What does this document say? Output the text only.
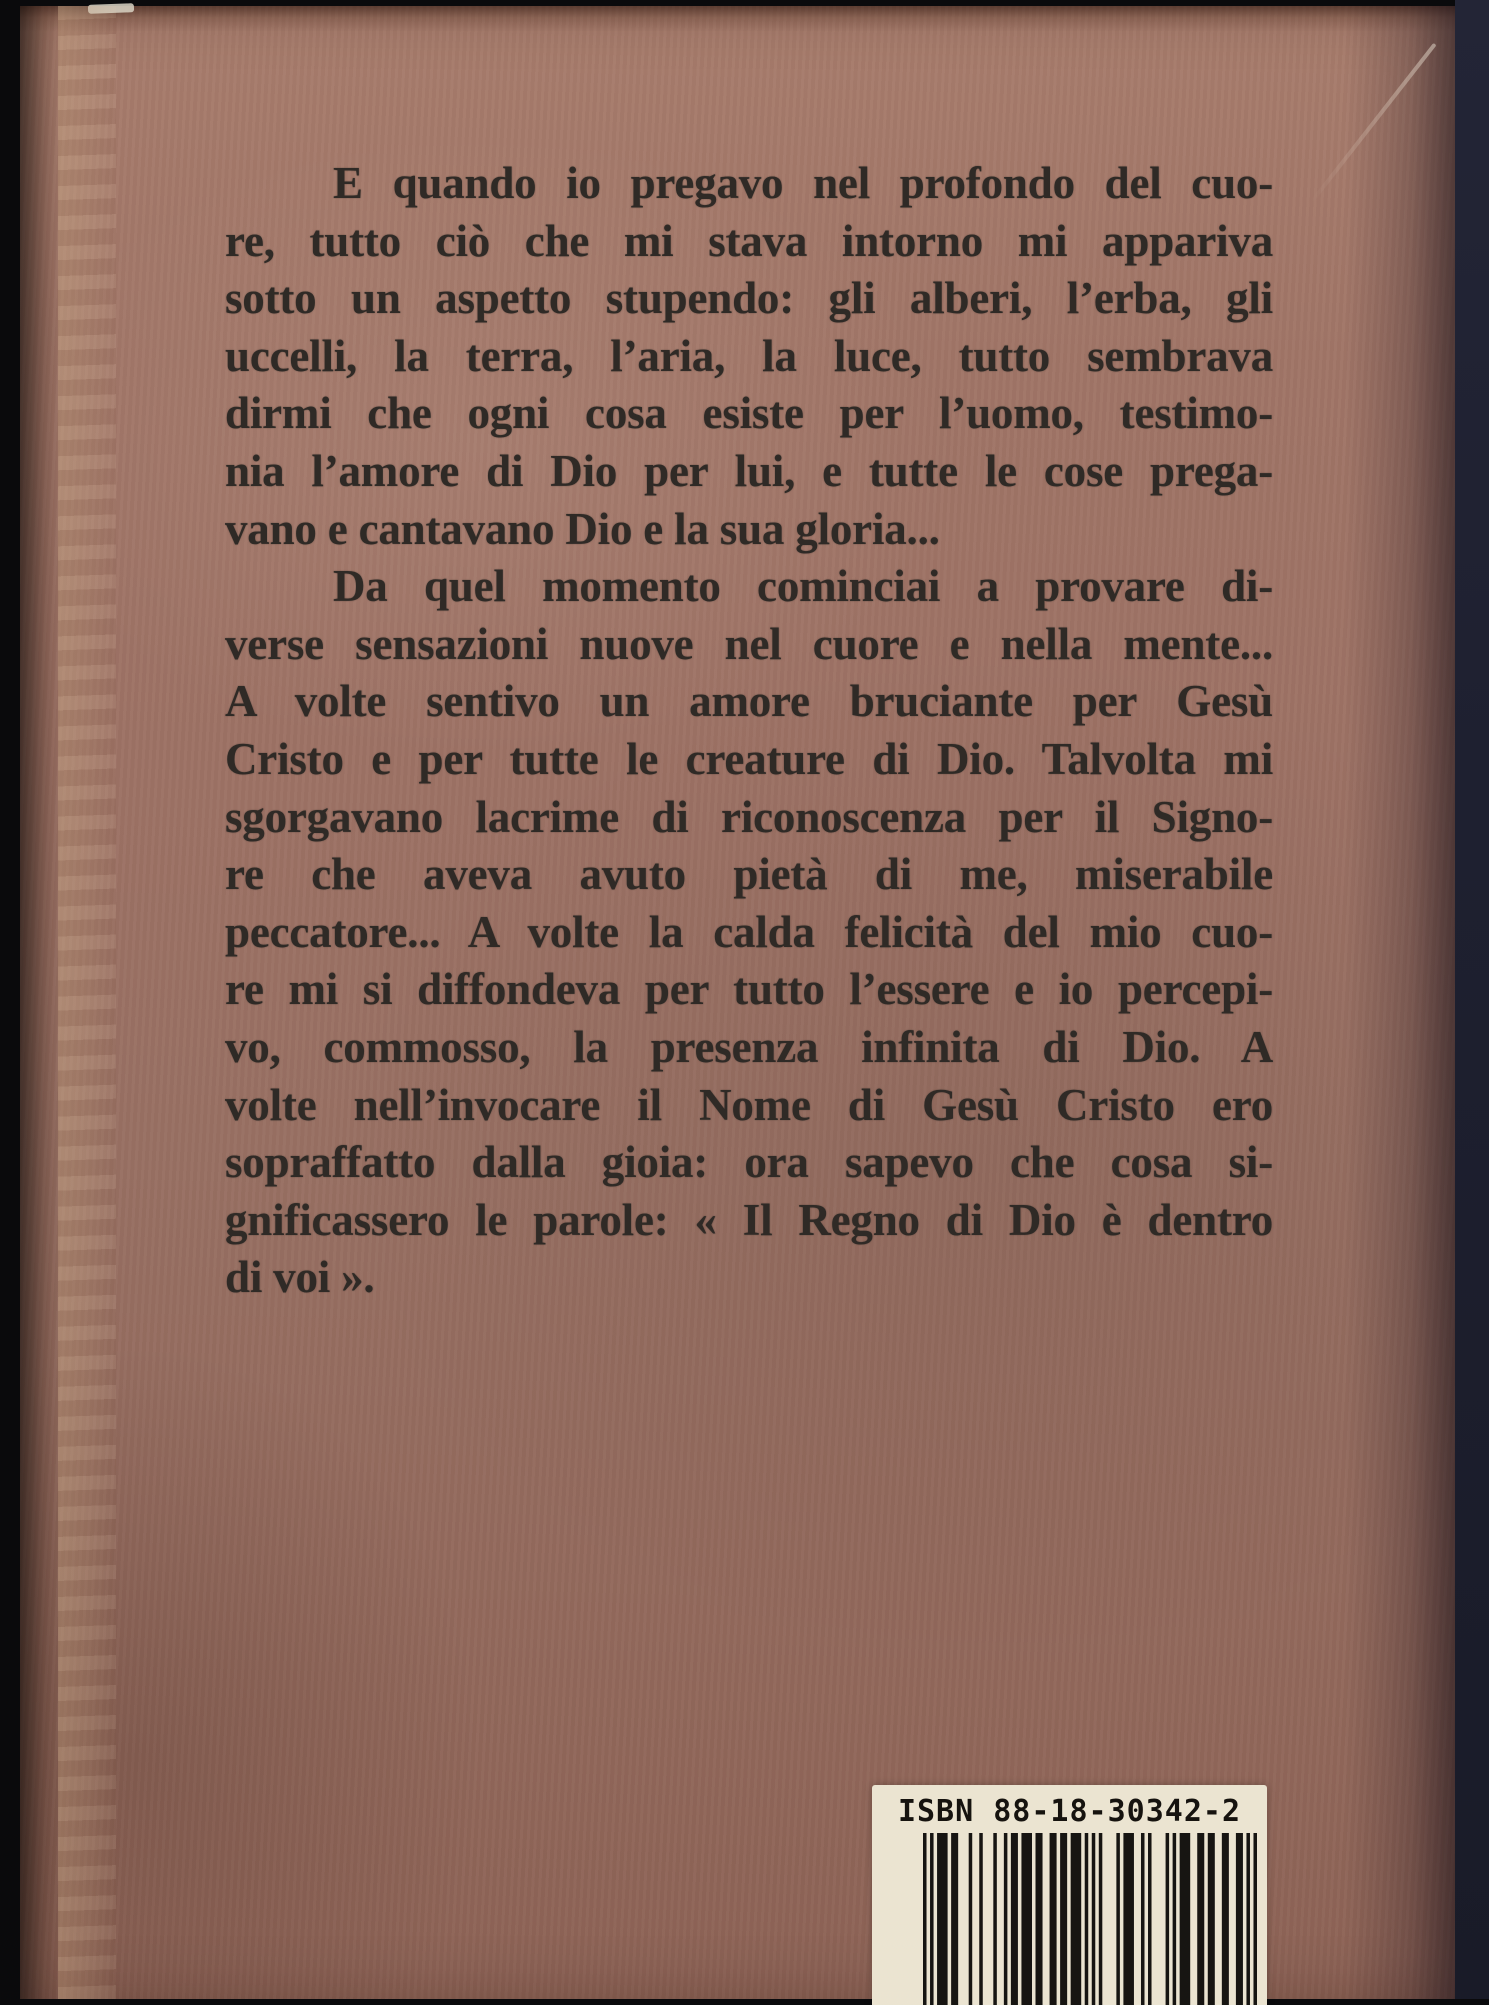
E quando io pregavo nel profondo del cuo-
re, tutto ciò che mi stava intorno mi appariva
sotto un aspetto stupendo: gli alberi, l’erba, gli
uccelli, la terra, l’aria, la luce, tutto sembrava
dirmi che ogni cosa esiste per l’uomo, testimo-
nia l’amore di Dio per lui, e tutte le cose prega-
vano e cantavano Dio e la sua gloria...
Da quel momento cominciai a provare di-
verse sensazioni nuove nel cuore e nella mente...
A volte sentivo un amore bruciante per Gesù
Cristo e per tutte le creature di Dio. Talvolta mi
sgorgavano lacrime di riconoscenza per il Signo-
re che aveva avuto pietà di me, miserabile
peccatore... A volte la calda felicità del mio cuo-
re mi si diffondeva per tutto l’essere e io percepi-
vo, commosso, la presenza infinita di Dio. A
volte nell’invocare il Nome di Gesù Cristo ero
sopraffatto dalla gioia: ora sapevo che cosa si-
gnificassero le parole: « Il Regno di Dio è dentro
di voi ».
ISBN 88-18-30342-2
